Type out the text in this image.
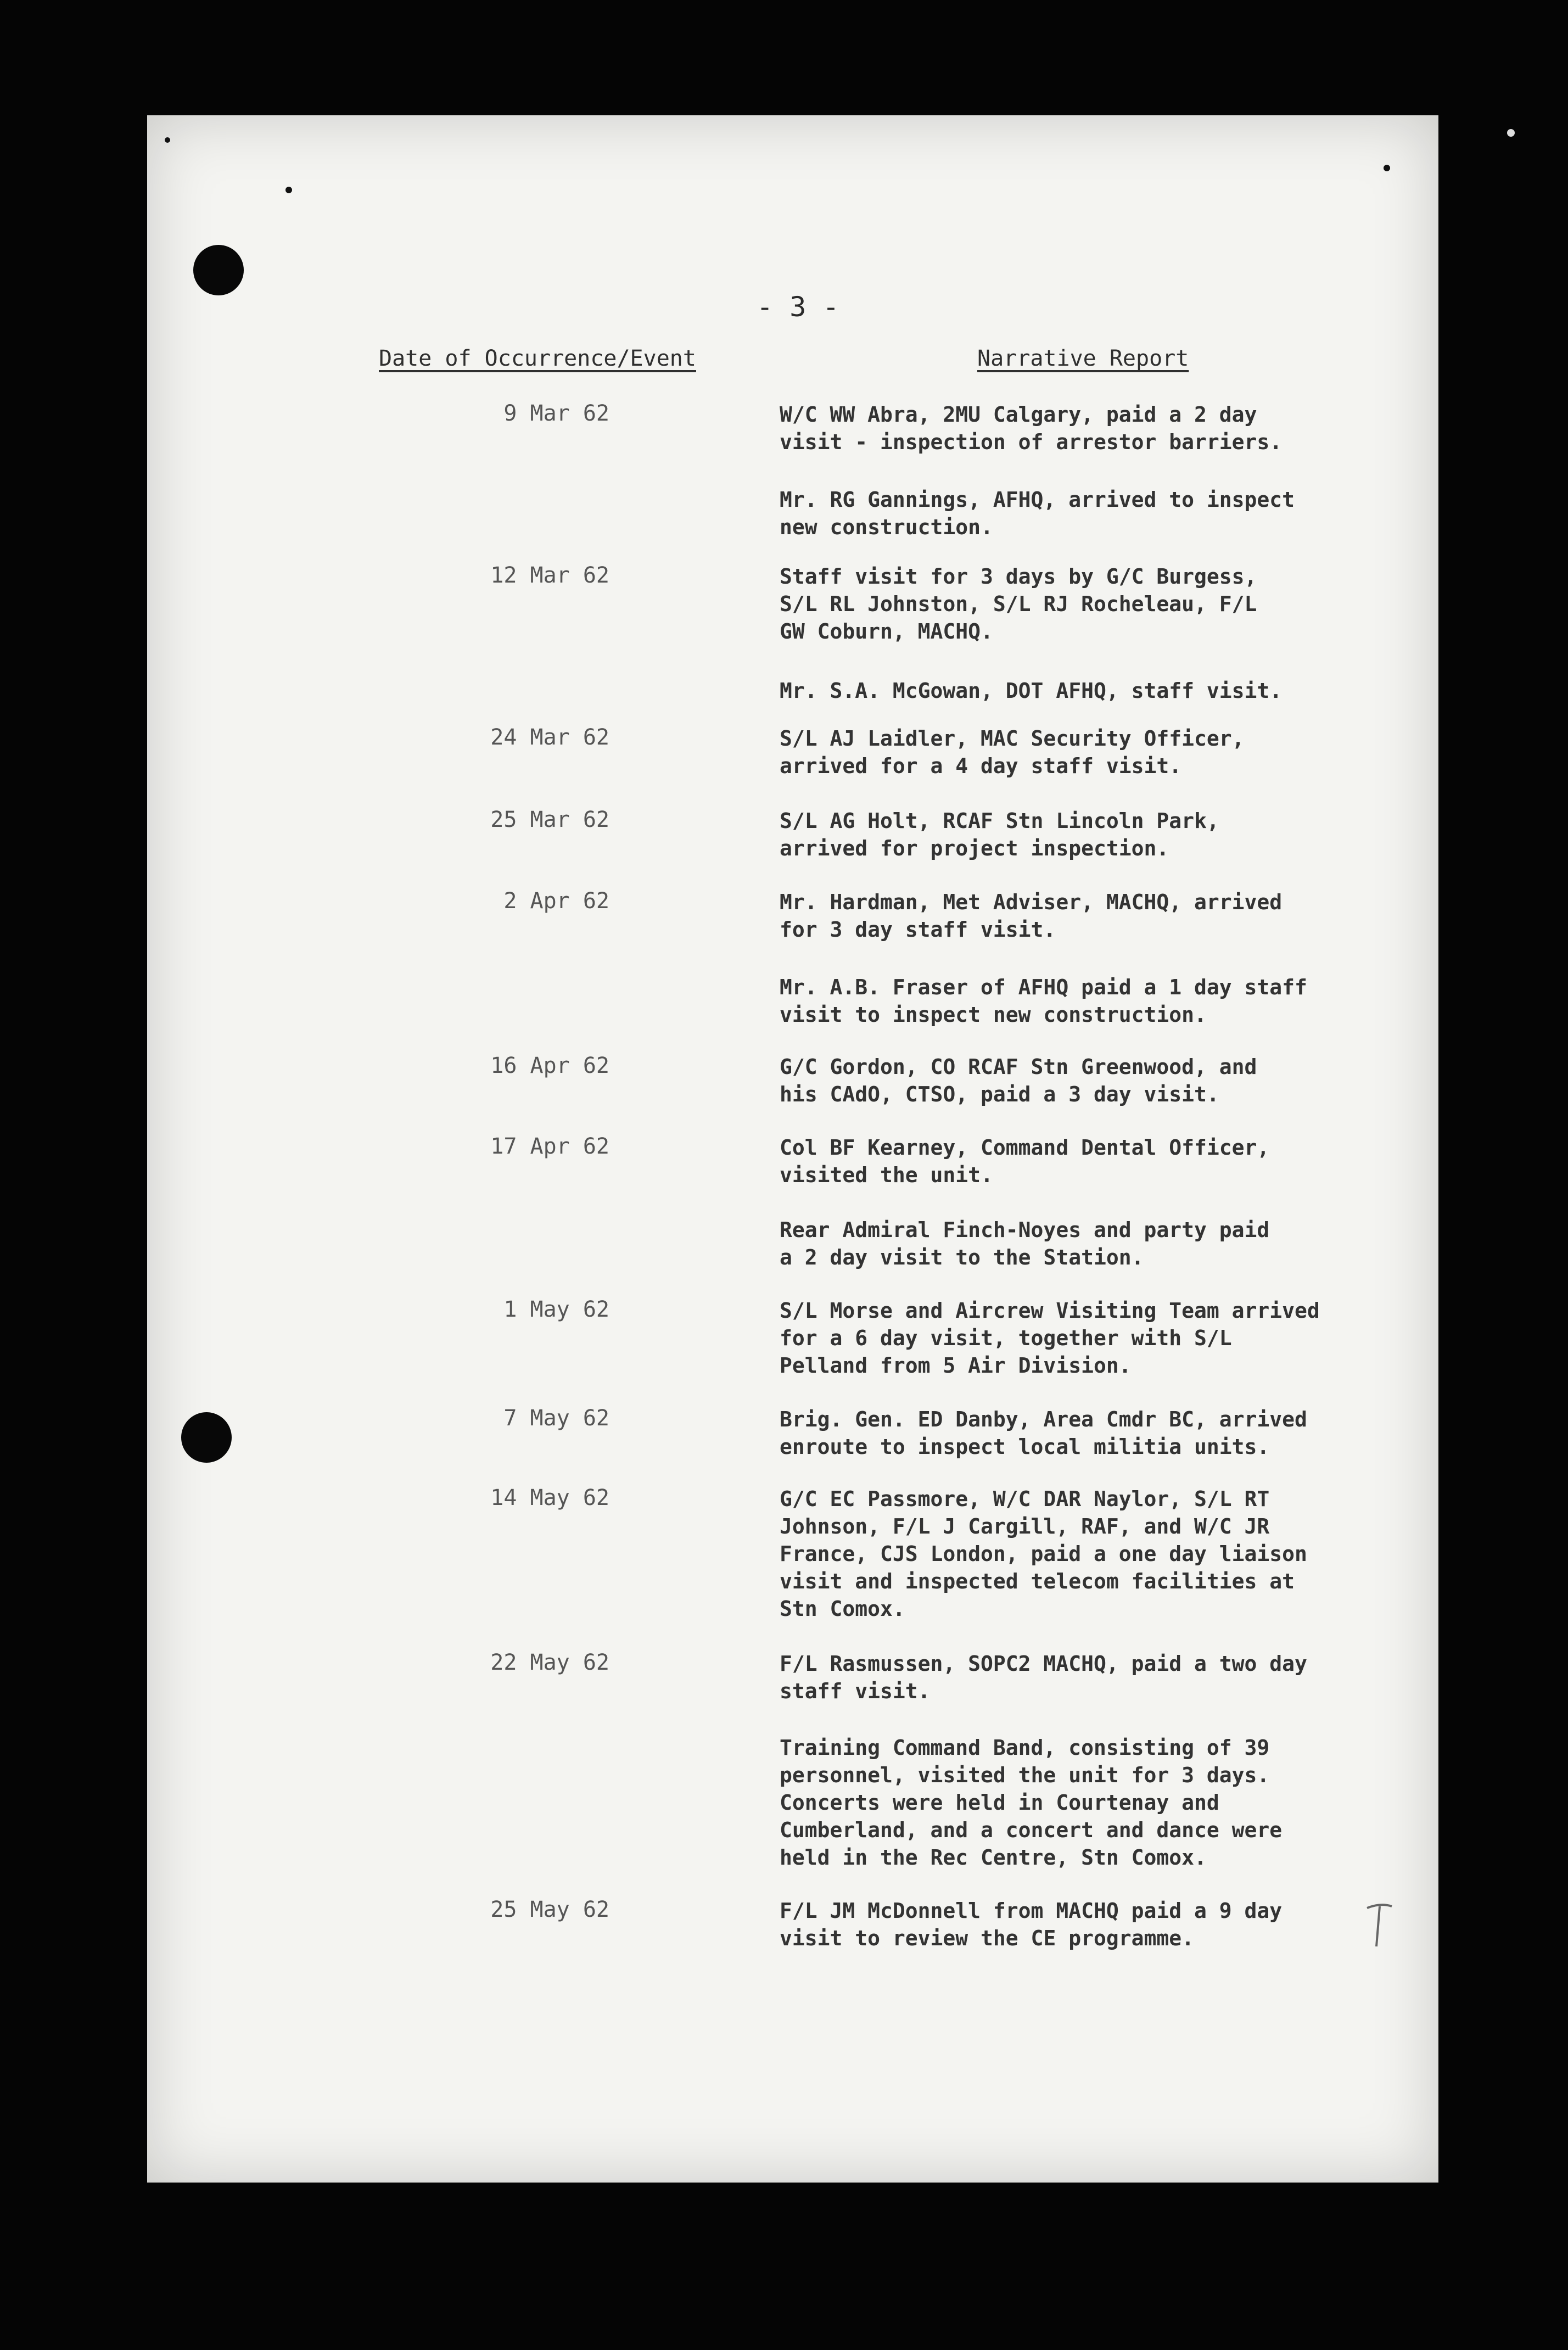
- 3 -
Date of Occurrence/Event	Narrative Report
9 Mar 62	W/C WW Abra, 2MU Calgary, paid a 2 day
visit - inspection of arrestor barriers.
Mr. RG Gannings, AFHQ, arrived to inspect
new construction.
12 Mar 62	Staff visit for 3 days by G/C Burgess,
S/L RL Johnston, S/L RJ Rocheleau, F/L
GW Coburn, MACHQ.
Mr. S.A. McGowan, DOT AFHQ, staff visit.
24 Mar 62	S/L AJ Laidler, MAC Security Officer,
arrived for a 4 day staff visit.
25 Mar 62	S/L AG Holt, RCAF Stn Lincoln Park,
arrived for project inspection.
2 Apr 62	Mr. Hardman, Met Adviser, MACHQ, arrived
for 3 day staff visit.
Mr. A.B. Fraser of AFHQ paid a 1 day staff
visit to inspect new construction.
16 Apr 62	G/C Gordon, CO RCAF Stn Greenwood, and
his CAdO, CTSO, paid a 3 day visit.
17 Apr 62	Col BF Kearney, Command Dental Officer,
visited the unit.
Rear Admiral Finch-Noyes and party paid
a 2 day visit to the Station.
1 May 62	S/L Morse and Aircrew Visiting Team arrived
for a 6 day visit, together with S/L
Pelland from 5 Air Division.
7 May 62	Brig. Gen. ED Danby, Area Cmdr BC, arrived
enroute to inspect local militia units.
14 May 62	G/C EC Passmore, W/C DAR Naylor, S/L RT
Johnson, F/L J Cargill, RAF, and W/C JR
France, CJS London, paid a one day liaison
visit and inspected telecom facilities at
Stn Comox.
22 May 62	F/L Rasmussen, SOPC2 MACHQ, paid a two day
staff visit.
Training Command Band, consisting of 39
personnel, visited the unit for 3 days.
Concerts were held in Courtenay and
Cumberland, and a concert and dance were
held in the Rec Centre, Stn Comox.
25 May 62	F/L JM McDonnell from MACHQ paid a 9 day
visit to review the CE programme.
